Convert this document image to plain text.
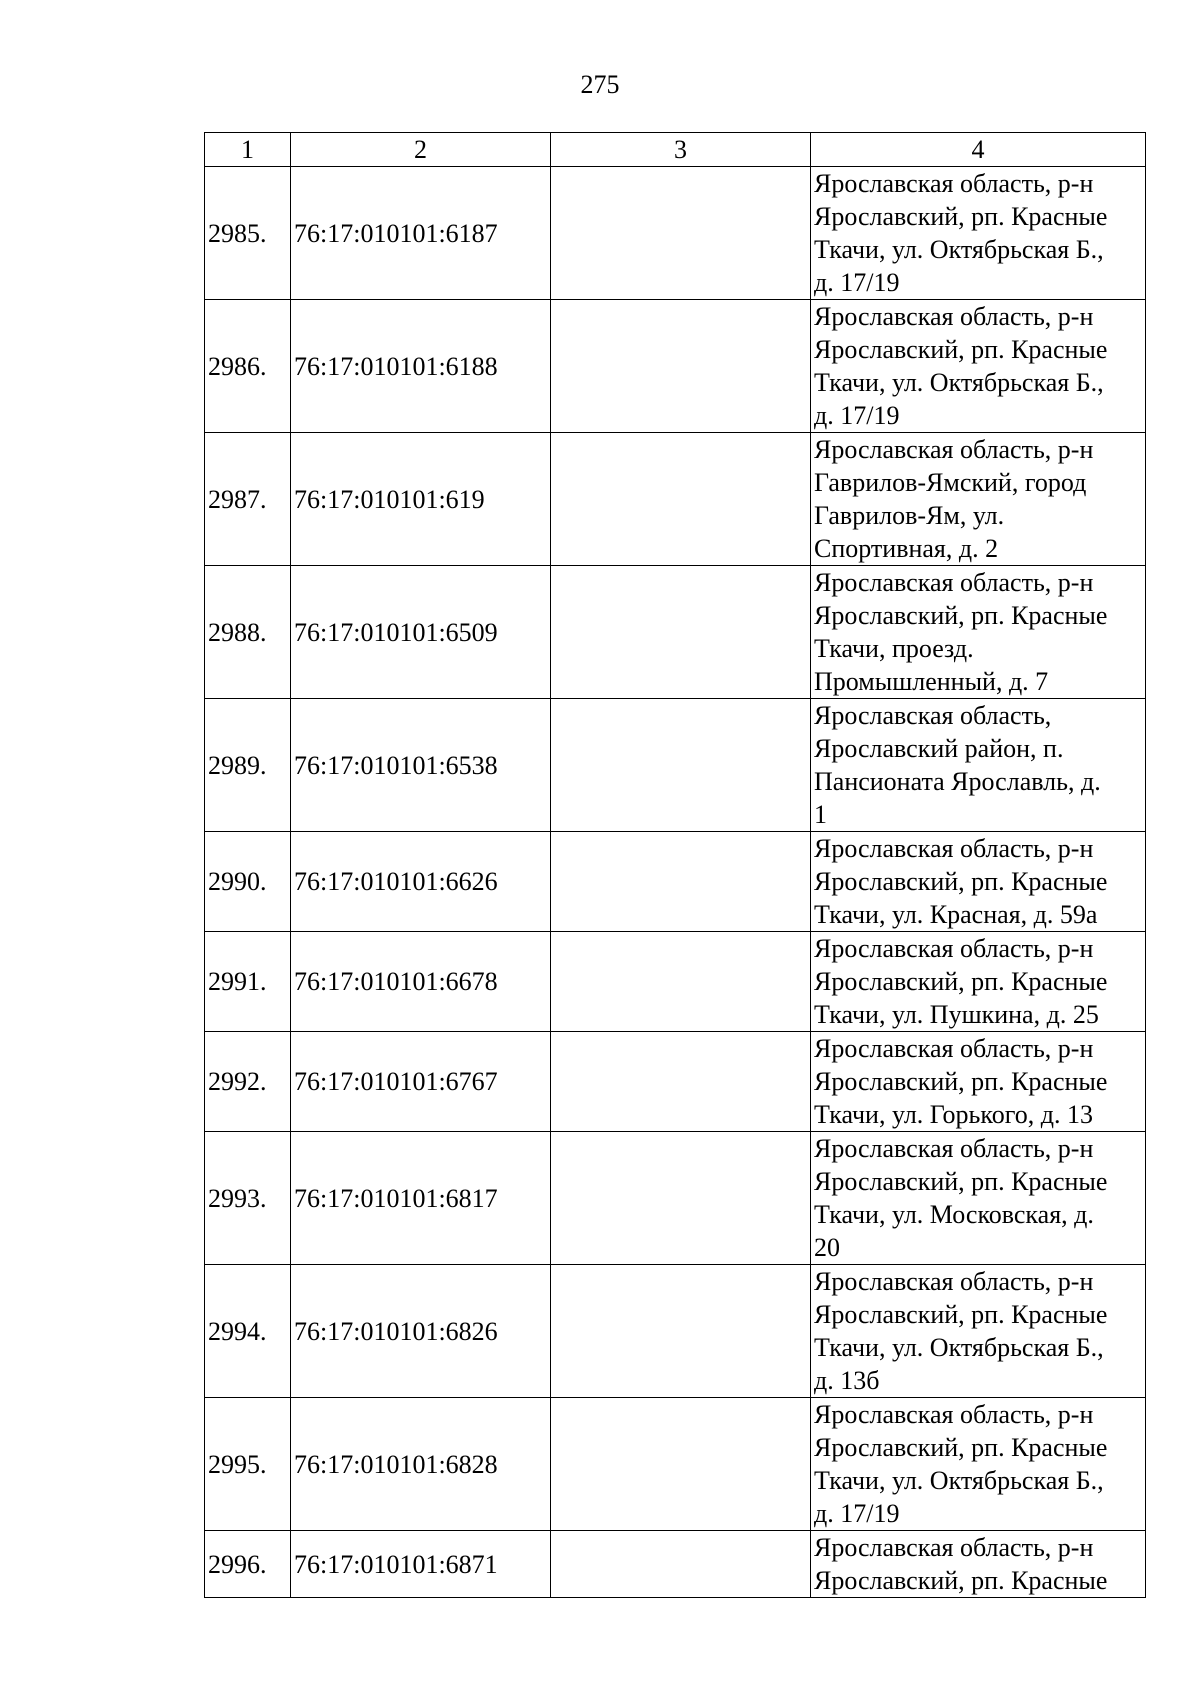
275
1	2	3	4
2985.	76:17:010101:6187		Ярославская область, р-н
Ярославский, рп. Красные
Ткачи, ул. Октябрьская Б.,
д. 17/19
2986.	76:17:010101:6188		Ярославская область, р-н
Ярославский, рп. Красные
Ткачи, ул. Октябрьская Б.,
д. 17/19
2987.	76:17:010101:619		Ярославская область, р-н
Гаврилов-Ямский, город
Гаврилов-Ям, ул.
Спортивная, д. 2
2988.	76:17:010101:6509		Ярославская область, р-н
Ярославский, рп. Красные
Ткачи, проезд.
Промышленный, д. 7
2989.	76:17:010101:6538		Ярославская область,
Ярославский район, п.
Пансионата Ярославль, д.
1
2990.	76:17:010101:6626		Ярославская область, р-н
Ярославский, рп. Красные
Ткачи, ул. Красная, д. 59а
2991.	76:17:010101:6678		Ярославская область, р-н
Ярославский, рп. Красные
Ткачи, ул. Пушкина, д. 25
2992.	76:17:010101:6767		Ярославская область, р-н
Ярославский, рп. Красные
Ткачи, ул. Горького, д. 13
2993.	76:17:010101:6817		Ярославская область, р-н
Ярославский, рп. Красные
Ткачи, ул. Московская, д.
20
2994.	76:17:010101:6826		Ярославская область, р-н
Ярославский, рп. Красные
Ткачи, ул. Октябрьская Б.,
д. 13б
2995.	76:17:010101:6828		Ярославская область, р-н
Ярославский, рп. Красные
Ткачи, ул. Октябрьская Б.,
д. 17/19
2996.	76:17:010101:6871		Ярославская область, р-н
Ярославский, рп. Красные
